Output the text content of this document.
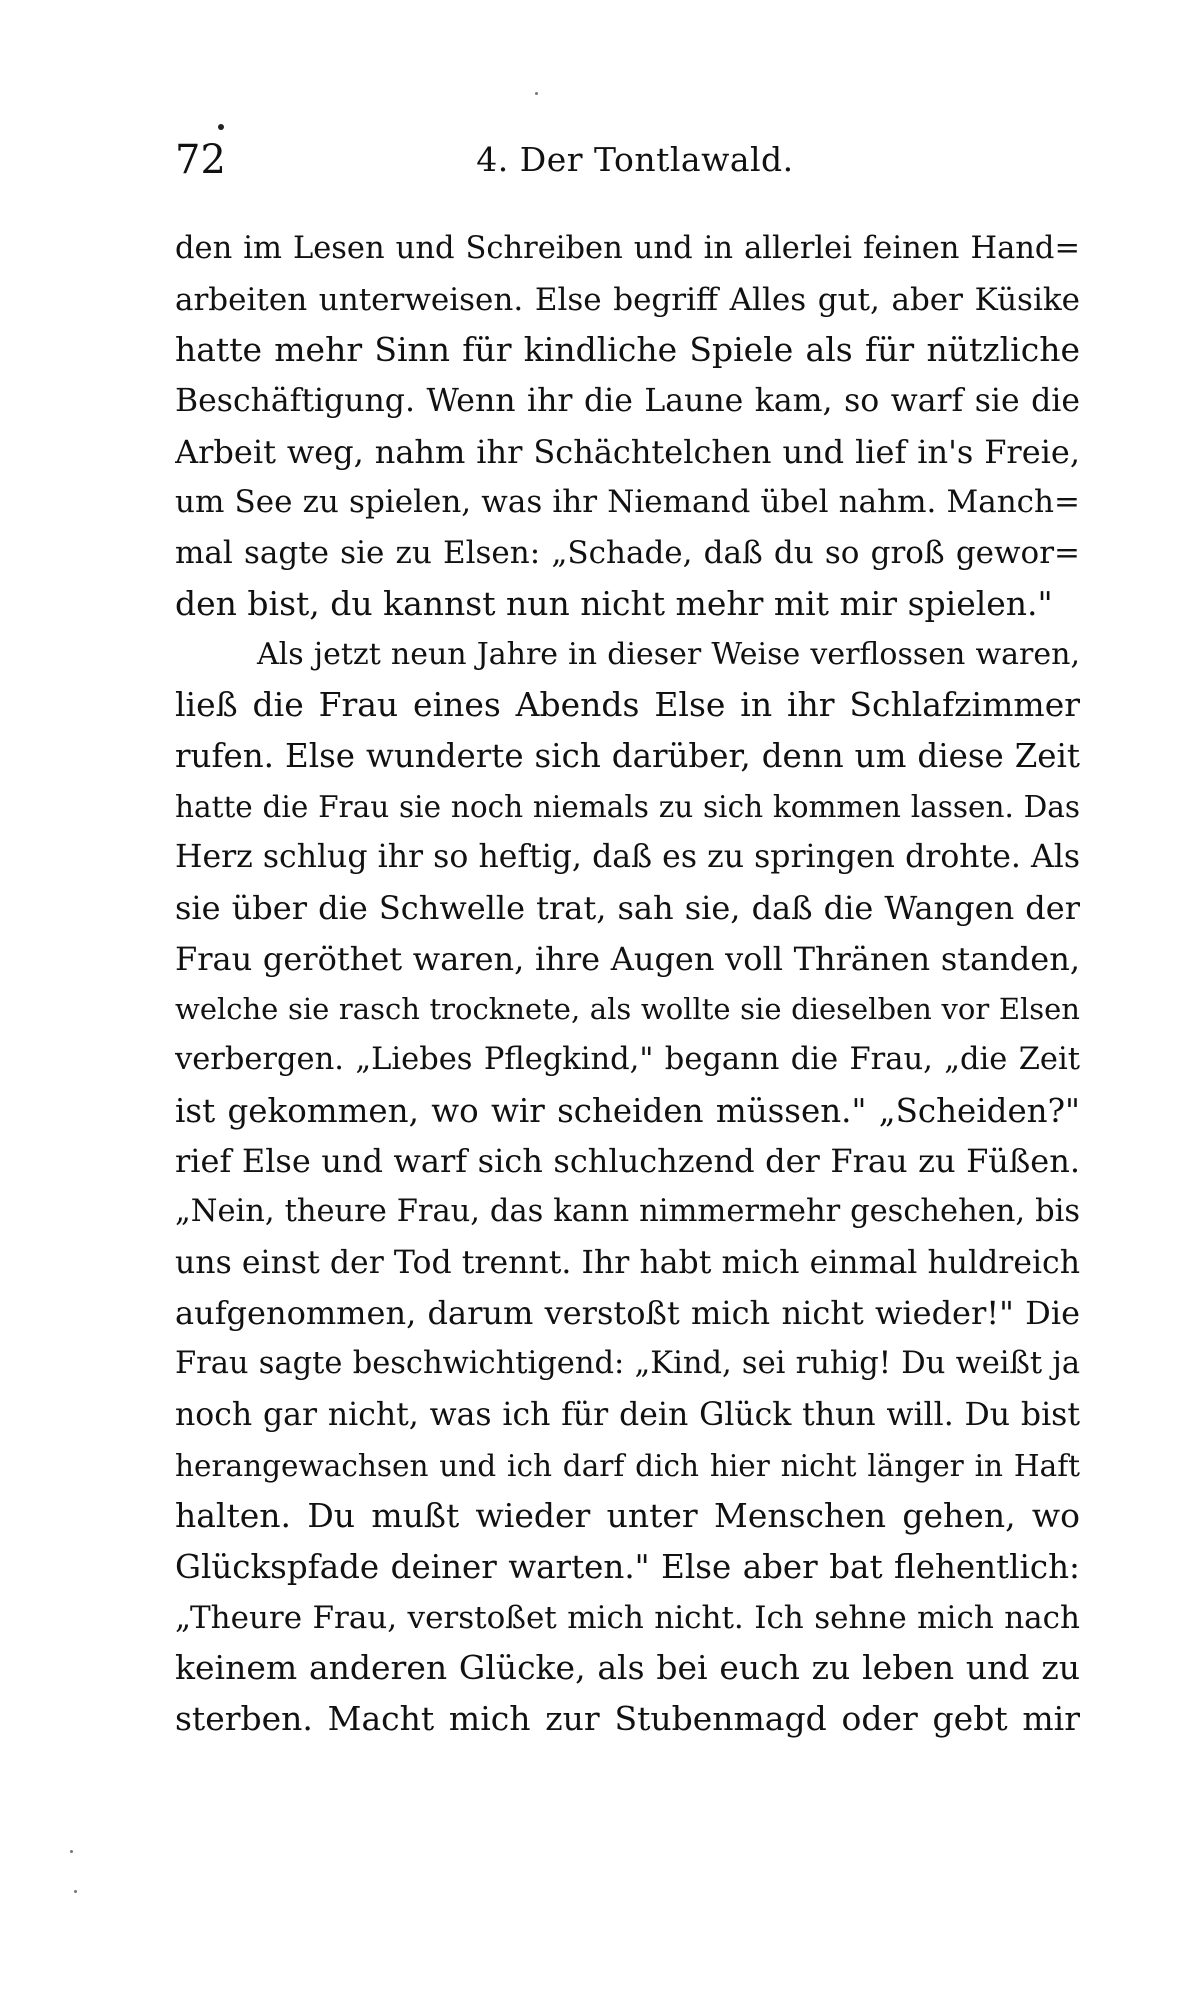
72	4. Der Tontlawald.
den im Lesen und Schreiben und in allerlei feinen Hand=
arbeiten unterweisen. Else begriff Alles gut, aber Küsike
hatte mehr Sinn für kindliche Spiele als für nützliche
Beschäftigung. Wenn ihr die Laune kam, so warf sie die
Arbeit weg, nahm ihr Schächtelchen und lief in's Freie,
um See zu spielen, was ihr Niemand übel nahm. Manch=
mal sagte sie zu Elsen: „Schade, daß du so groß gewor=
den bist, du kannst nun nicht mehr mit mir spielen."
Als jetzt neun Jahre in dieser Weise verflossen waren,
ließ die Frau eines Abends Else in ihr Schlafzimmer
rufen. Else wunderte sich darüber, denn um diese Zeit
hatte die Frau sie noch niemals zu sich kommen lassen. Das
Herz schlug ihr so heftig, daß es zu springen drohte. Als
sie über die Schwelle trat, sah sie, daß die Wangen der
Frau geröthet waren, ihre Augen voll Thränen standen,
welche sie rasch trocknete, als wollte sie dieselben vor Elsen
verbergen. „Liebes Pflegkind," begann die Frau, „die Zeit
ist gekommen, wo wir scheiden müssen." „Scheiden?"
rief Else und warf sich schluchzend der Frau zu Füßen.
„Nein, theure Frau, das kann nimmermehr geschehen, bis
uns einst der Tod trennt. Ihr habt mich einmal huldreich
aufgenommen, darum verstoßt mich nicht wieder!" Die
Frau sagte beschwichtigend: „Kind, sei ruhig! Du weißt ja
noch gar nicht, was ich für dein Glück thun will. Du bist
herangewachsen und ich darf dich hier nicht länger in Haft
halten. Du mußt wieder unter Menschen gehen, wo
Glückspfade deiner warten." Else aber bat flehentlich:
„Theure Frau, verstoßet mich nicht. Ich sehne mich nach
keinem anderen Glücke, als bei euch zu leben und zu
sterben. Macht mich zur Stubenmagd oder gebt mir
